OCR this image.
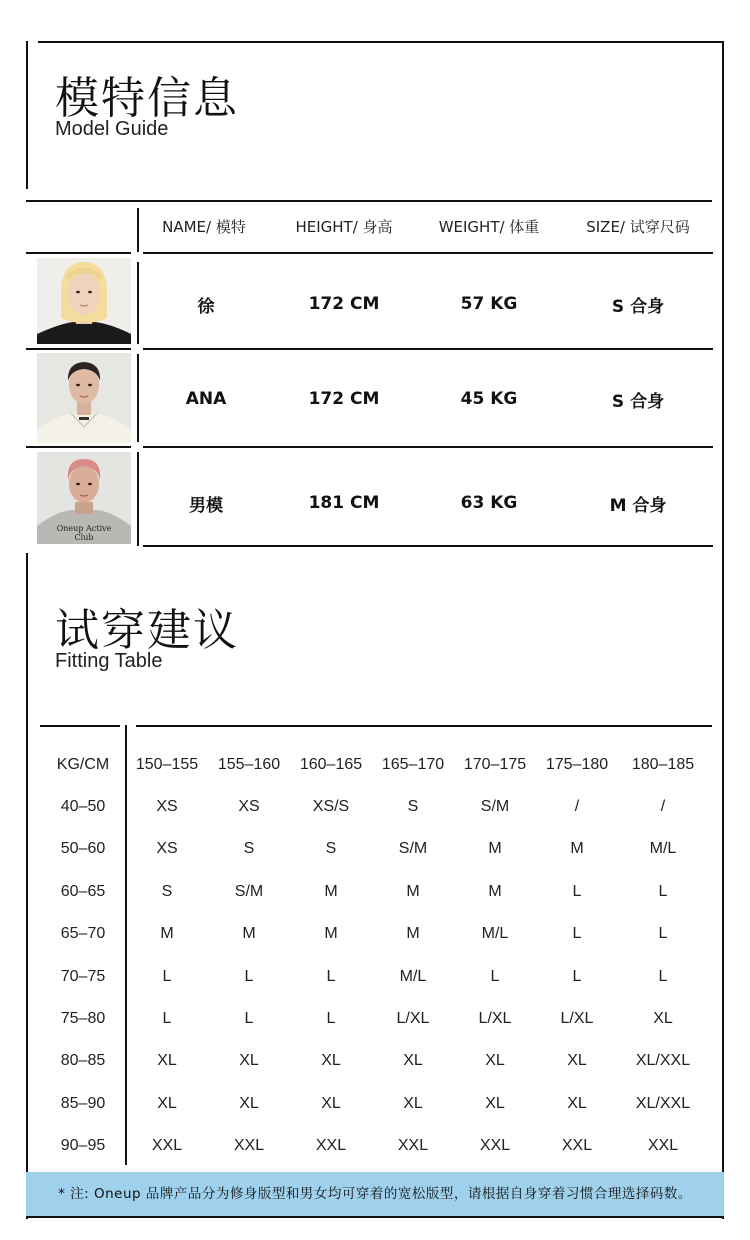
模特信息
Model Guide
NAME/ 模特	HEIGHT/ 身高	WEIGHT/ 体重	SIZE/ 试穿尺码
徐	172 CM	57 KG	S 合身
ANA	172 CM	45 KG	S 合身
Oneup Active Club
男模	181 CM	63 KG	M 合身
试穿建议
Fitting Table
KG/CM	150–155	155–160	160–165	165–170	170–175	175–180	180–185
40–50	XS	XS	XS/S	S	S/M	/	/
50–60	XS	S	S	S/M	M	M	M/L
60–65	S	S/M	M	M	M	L	L
65–70	M	M	M	M	M/L	L	L
70–75	L	L	L	M/L	L	L	L
75–80	L	L	L	L/XL	L/XL	L/XL	XL
80–85	XL	XL	XL	XL	XL	XL	XL/XXL
85–90	XL	XL	XL	XL	XL	XL	XL/XXL
90–95	XXL	XXL	XXL	XXL	XXL	XXL	XXL
* 注: Oneup 品牌产品分为修身版型和男女均可穿着的宽松版型，请根据自身穿着习惯合理选择码数。
